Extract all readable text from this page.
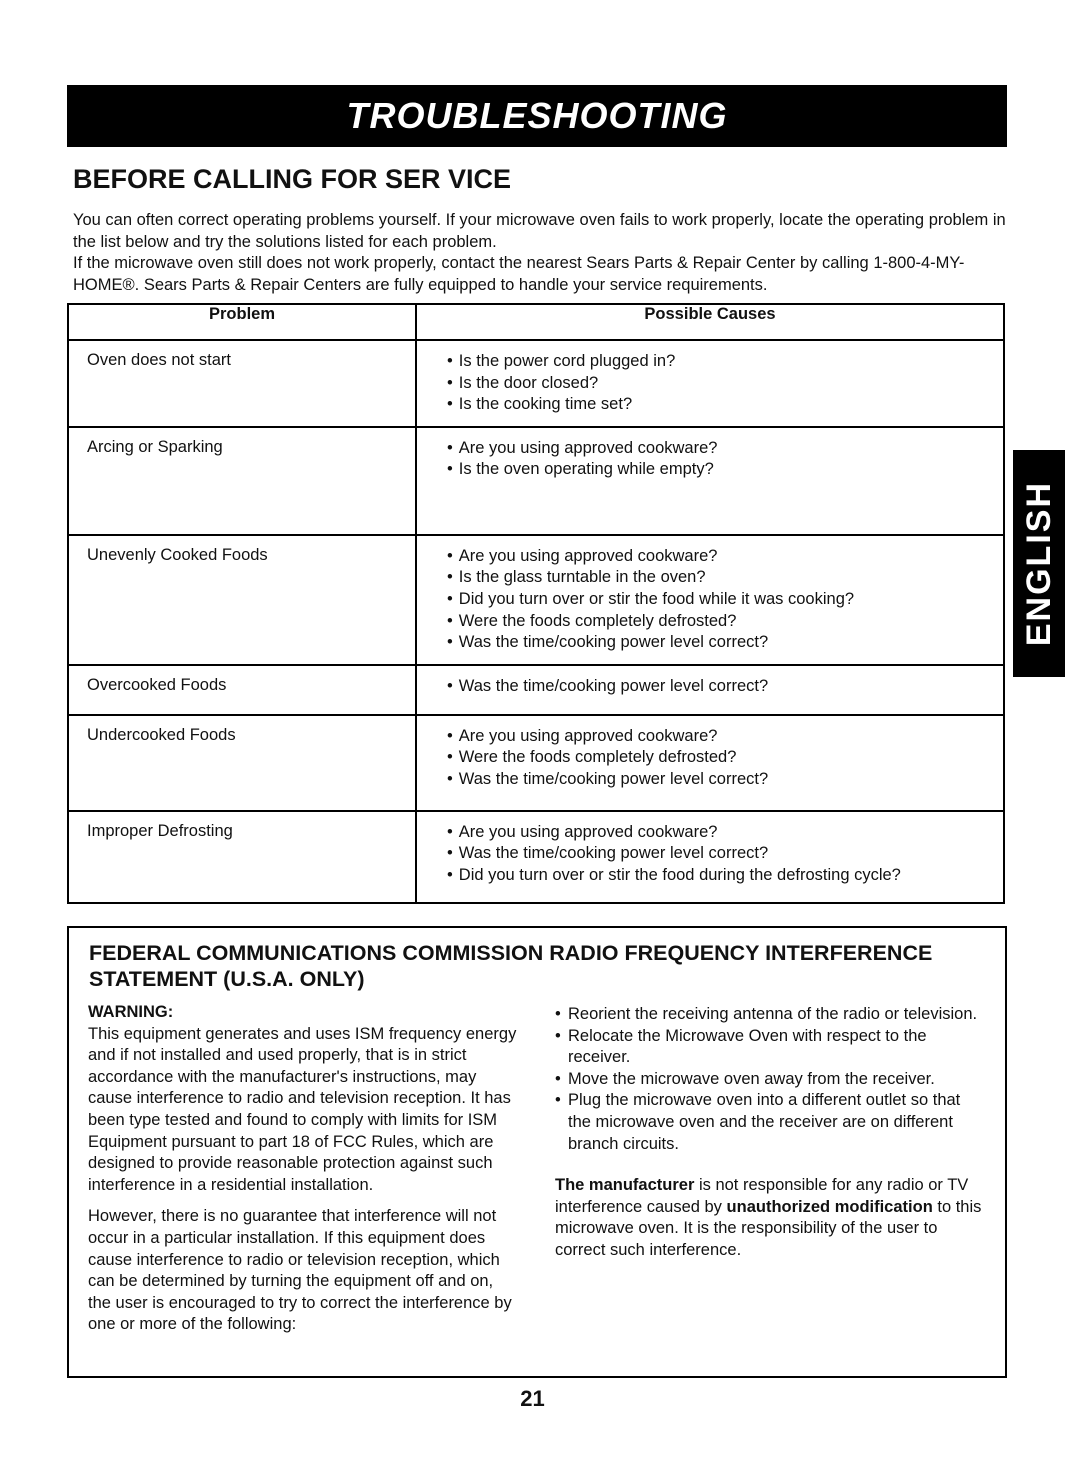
TROUBLESHOOTING
BEFORE CALLING FOR SER VICE

You can often correct operating problems yourself. If your microwave oven fails to work properly, locate the operating problem in the list below and try the solutions listed for each problem.

If the microwave oven still does not work properly, contact the nearest Sears Parts & Repair Center by calling 1-800-4-MY-HOME®. Sears Parts & Repair Centers are fully equipped to handle your service requirements.

Problem	Possible Causes
Oven does not start	• Is the power cord plugged in?
• Is the door closed?
• Is the cooking time set?

Arcing or Sparking	• Are you using approved cookware?
• Is the oven operating while empty?

Unevenly Cooked Foods	• Are you using approved cookware?
• Is the glass turntable in the oven?
• Did you turn over or stir the food while it was cooking?
• Were the foods completely defrosted?
• Was the time/cooking power level correct?

Overcooked Foods	• Was the time/cooking power level correct?

Undercooked Foods	• Are you using approved cookware?
• Were the foods completely defrosted?
• Was the time/cooking power level correct?

Improper Defrosting	• Are you using approved cookware?
• Was the time/cooking power level correct?
• Did you turn over or stir the food during the defrosting cycle?
ENGLISH
FEDERAL COMMUNICATIONS COMMISSION RADIO FREQUENCY INTERFERENCE STATEMENT (U.S.A. ONLY)
WARNING:

This equipment generates and uses ISM frequency energy and if not installed and used properly, that is in strict accordance with the manufacturer's instructions, may cause interference to radio and television reception. It has been type tested and found to comply with limits for ISM Equipment pursuant to part 18 of FCC Rules, which are designed to provide reasonable protection against such interference in a residential installation.

However, there is no guarantee that interference will not occur in a particular installation. If this equipment does cause interference to radio or television reception, which can be determined by turning the equipment off and on, the user is encouraged to try to correct the interference by one or more of the following:

• Reorient the receiving antenna of the radio or television.
• Relocate the Microwave Oven with respect to the receiver.
• Move the microwave oven away from the receiver.
• Plug the microwave oven into a different outlet so that the microwave oven and the receiver are on different branch circuits.

The manufacturer is not responsible for any radio or TV interference caused by unauthorized modification to this microwave oven. It is the responsibility of the user to correct such interference.

21
